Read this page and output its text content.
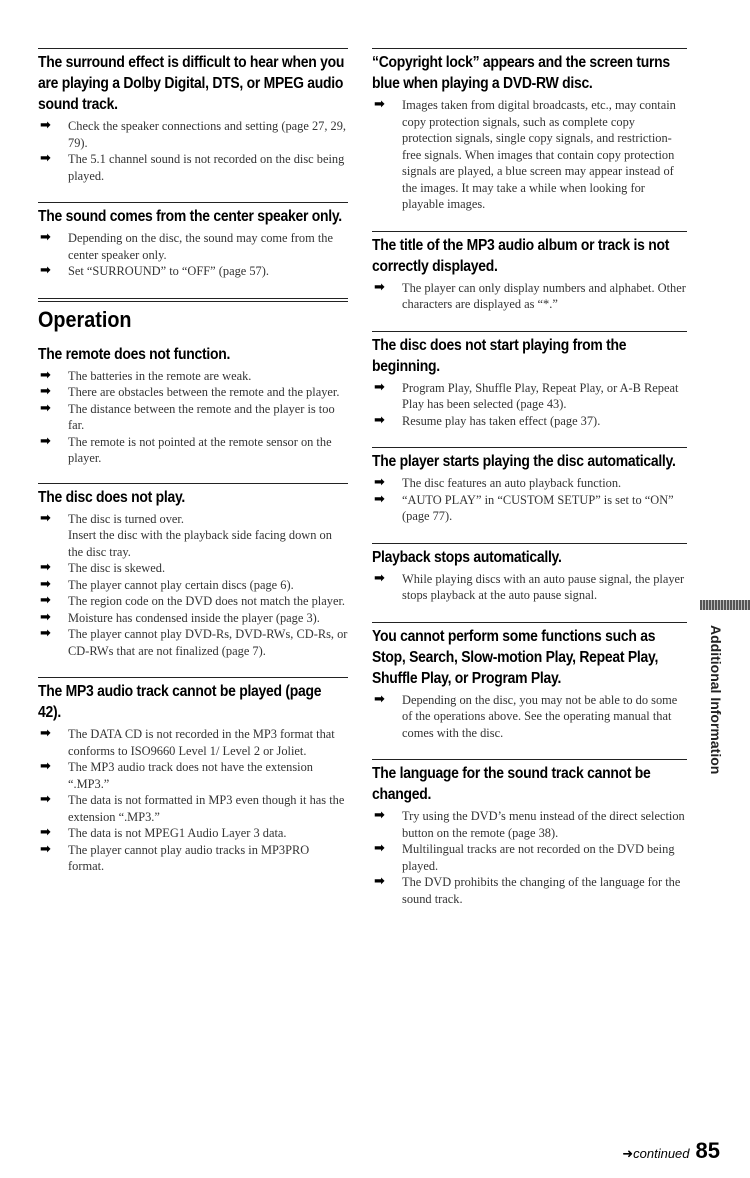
The surround effect is difficult to hear when you are playing a Dolby Digital, DTS, or MPEG audio sound track.
➡ Check the speaker connections and setting (page 27, 29, 79).
➡ The 5.1 channel sound is not recorded on the disc being played.
The sound comes from the center speaker only.
➡ Depending on the disc, the sound may come from the center speaker only.
➡ Set “SURROUND” to “OFF” (page 57).
Operation
The remote does not function.
➡ The batteries in the remote are weak.
➡ There are obstacles between the remote and the player.
➡ The distance between the remote and the player is too far.
➡ The remote is not pointed at the remote sensor on the player.
The disc does not play.
➡ The disc is turned over.
Insert the disc with the playback side facing down on the disc tray.
➡ The disc is skewed.
➡ The player cannot play certain discs (page 6).
➡ The region code on the DVD does not match the player.
➡ Moisture has condensed inside the player (page 3).
➡ The player cannot play DVD-Rs, DVD-RWs, CD-Rs, or CD-RWs that are not finalized (page 7).
The MP3 audio track cannot be played (page 42).
➡ The DATA CD is not recorded in the MP3 format that conforms to ISO9660 Level 1/ Level 2 or Joliet.
➡ The MP3 audio track does not have the extension “.MP3.”
➡ The data is not formatted in MP3 even though it has the extension “.MP3.”
➡ The data is not MPEG1 Audio Layer 3 data.
➡ The player cannot play audio tracks in MP3PRO format.
“Copyright lock” appears and the screen turns blue when playing a DVD-RW disc.
➡ Images taken from digital broadcasts, etc., may contain copy protection signals, such as complete copy protection signals, single copy signals, and restriction-free signals. When images that contain copy protection signals are played, a blue screen may appear instead of the images. It may take a while when looking for playable images.
The title of the MP3 audio album or track is not correctly displayed.
➡ The player can only display numbers and alphabet. Other characters are displayed as “*.”
The disc does not start playing from the beginning.
➡ Program Play, Shuffle Play, Repeat Play, or A-B Repeat Play has been selected (page 43).
➡ Resume play has taken effect (page 37).
The player starts playing the disc automatically.
➡ The disc features an auto playback function.
➡ “AUTO PLAY” in “CUSTOM SETUP” is set to “ON” (page 77).
Playback stops automatically.
➡ While playing discs with an auto pause signal, the player stops playback at the auto pause signal.
You cannot perform some functions such as Stop, Search, Slow-motion Play, Repeat Play, Shuffle Play, or Program Play.
➡ Depending on the disc, you may not be able to do some of the operations above. See the operating manual that comes with the disc.
The language for the sound track cannot be changed.
➡ Try using the DVD’s menu instead of the direct selection button on the remote (page 38).
➡ Multilingual tracks are not recorded on the DVD being played.
➡ The DVD prohibits the changing of the language for the sound track.
Additional Information
➜continued 85
